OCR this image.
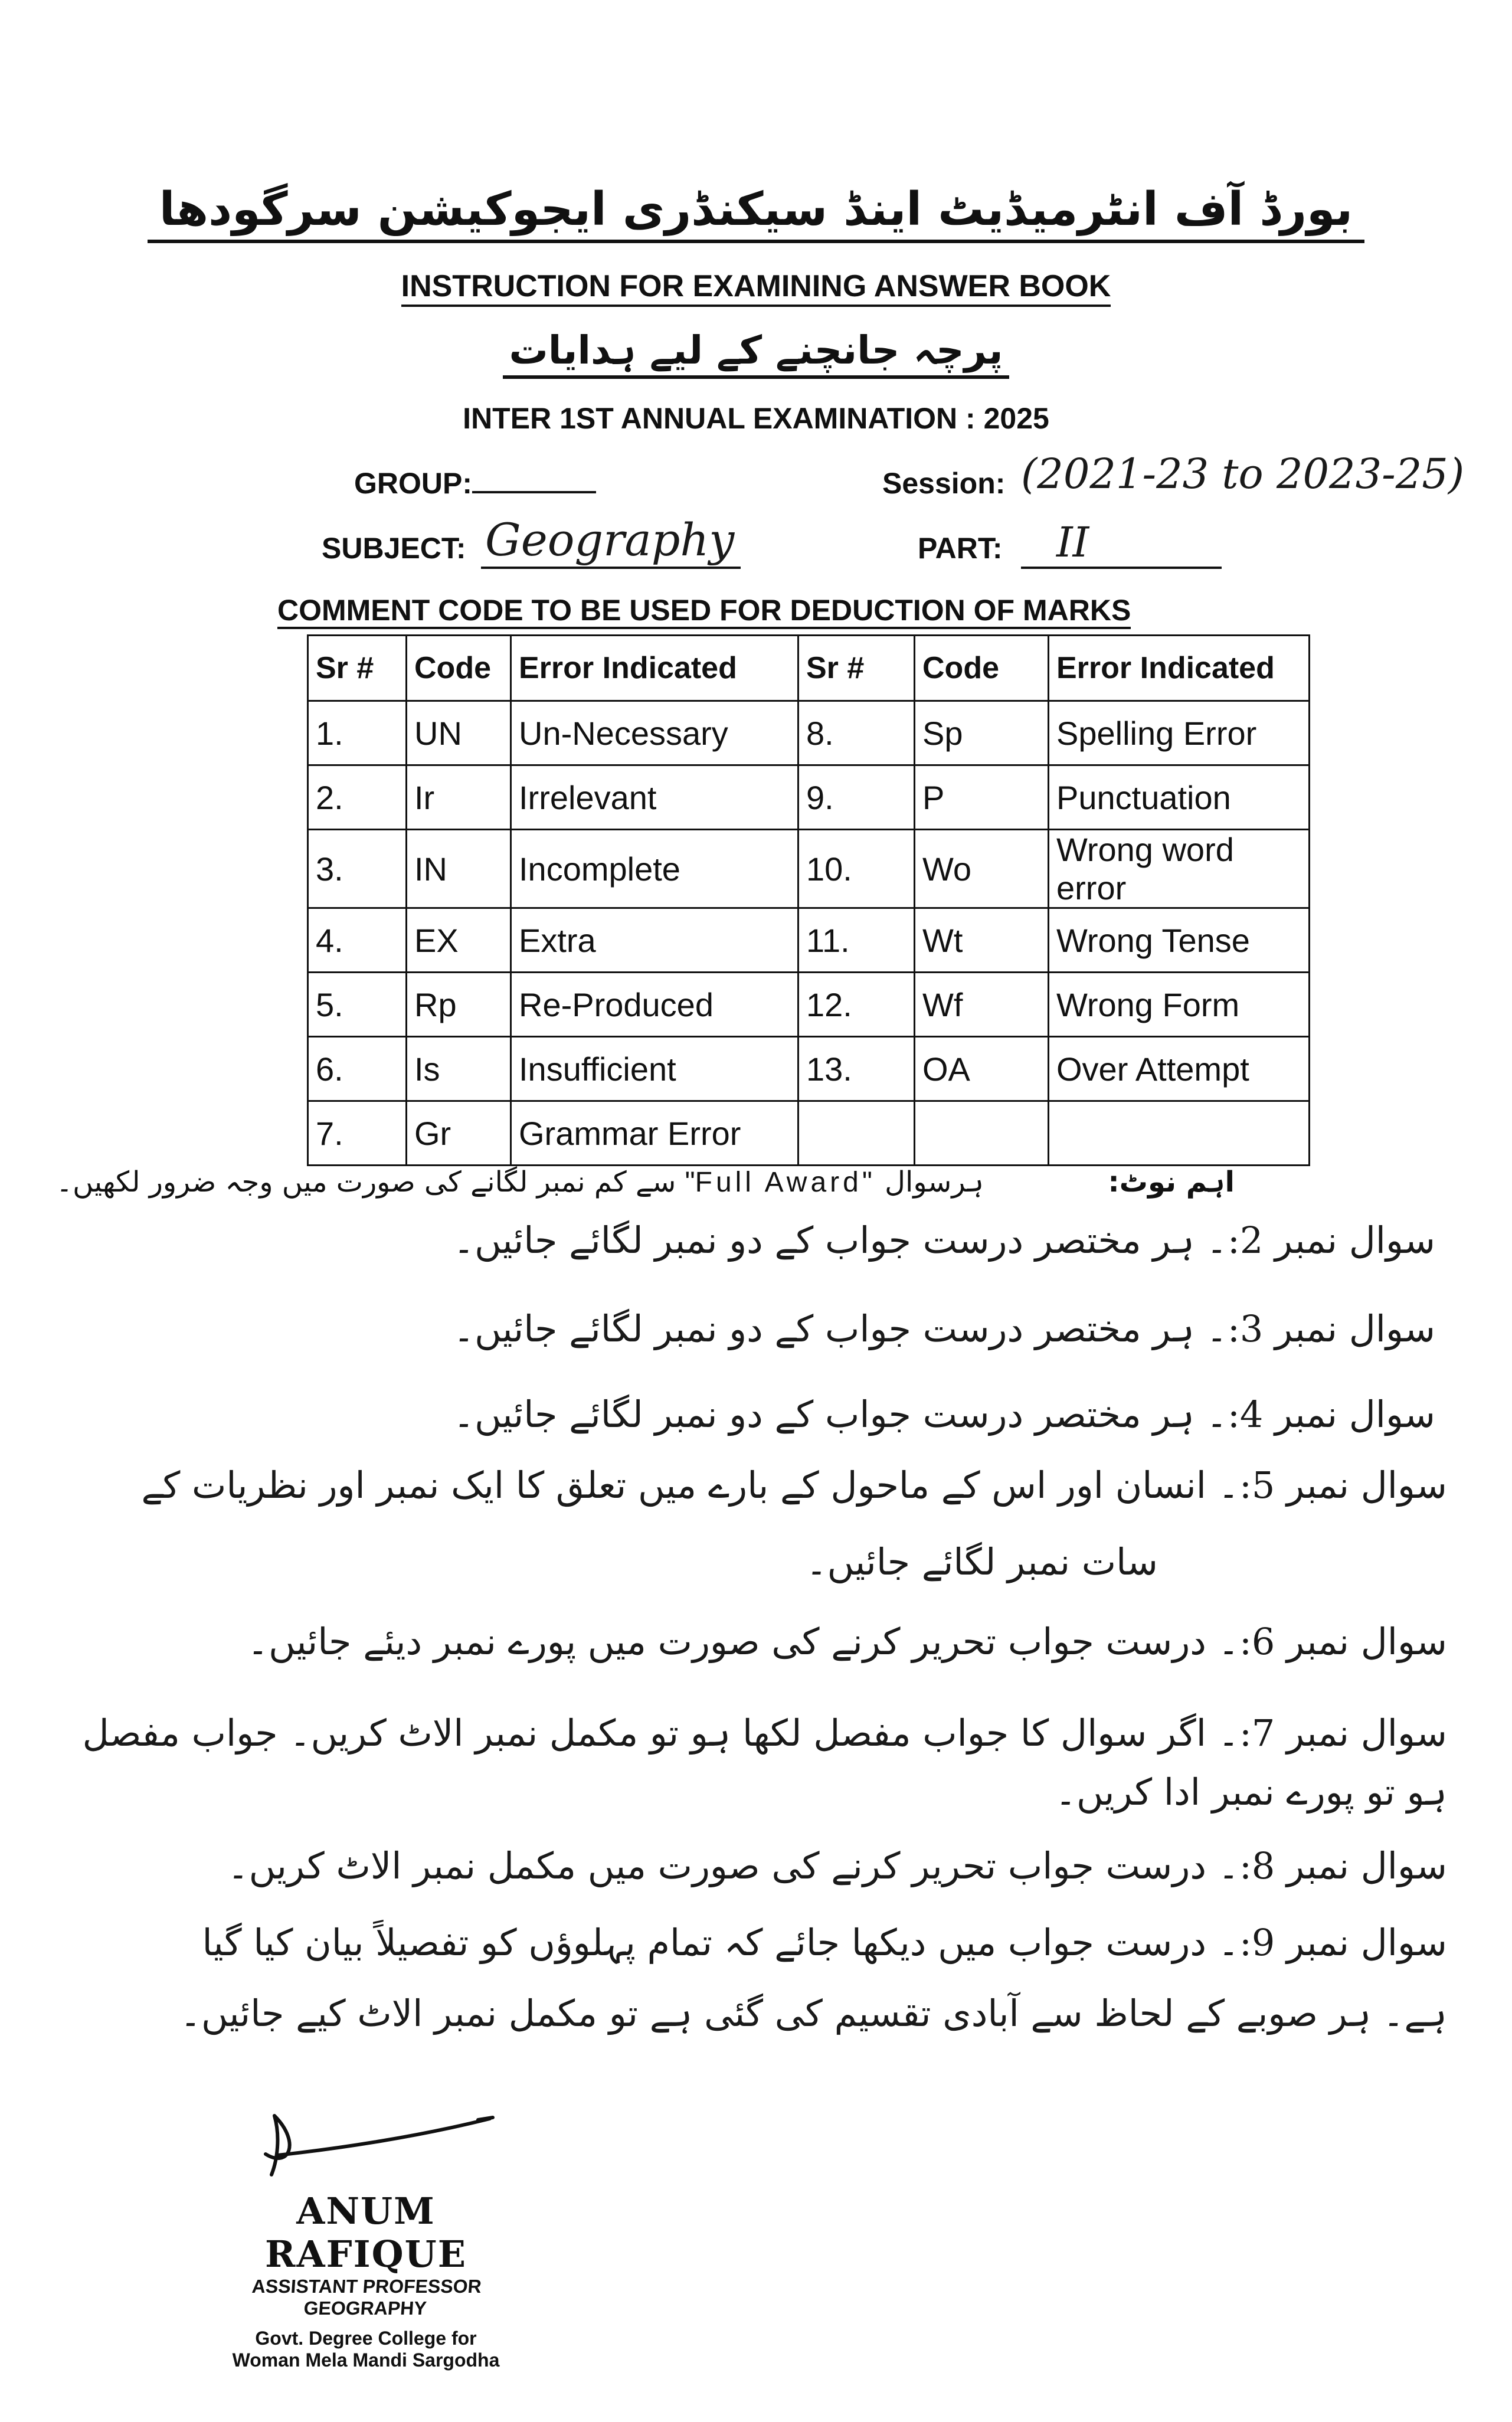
بورڈ آف انٹرمیڈیٹ اینڈ سیکنڈری ایجوکیشن سرگودھا
INSTRUCTION FOR EXAMINING ANSWER BOOK
پرچہ جانچنے کے لیے ہدایات
INTER 1ST ANNUAL EXAMINATION : 2025
GROUP:	Session: (2021-23 to 2023-25)
SUBJECT: Geography	PART: II
COMMENT CODE TO BE USED FOR DEDUCTION OF MARKS
Sr #	Code	Error Indicated	Sr #	Code	Error Indicated
1.	UN	Un-Necessary	8.	Sp	Spelling Error
2.	Ir	Irrelevant	9.	P	Punctuation
3.	IN	Incomplete	10.	Wo	Wrong word error
4.	EX	Extra	11.	Wt	Wrong Tense
5.	Rp	Re-Produced	12.	Wf	Wrong Form
6.	Is	Insufficient	13.	OA	Over Attempt
7.	Gr	Grammar Error			
اہم نوٹ:  ہرسوال "Full Award" سے کم نمبر لگانے کی صورت میں وجہ ضرور لکھیں۔
سوال نمبر 2:۔ ہر مختصر درست جواب کے دو نمبر لگائے جائیں۔
سوال نمبر 3:۔ ہر مختصر درست جواب کے دو نمبر لگائے جائیں۔
سوال نمبر 4:۔ ہر مختصر درست جواب کے دو نمبر لگائے جائیں۔
سوال نمبر 5:۔ انسان اور اس کے ماحول کے بارے میں تعلق کا ایک نمبر اور نظریات کے
سات نمبر لگائے جائیں۔
سوال نمبر 6:۔ درست جواب تحریر کرنے کی صورت میں پورے نمبر دیئے جائیں۔
سوال نمبر 7:۔ اگر سوال کا جواب مفصل لکھا ہو تو مکمل نمبر الاٹ کریں۔ جواب مفصل
ہو تو پورے نمبر ادا کریں۔
سوال نمبر 8:۔ درست جواب تحریر کرنے کی صورت میں مکمل نمبر الاٹ کریں۔
سوال نمبر 9:۔ درست جواب میں دیکھا جائے کہ تمام پہلوؤں کو تفصیلاً بیان کیا گیا
ہے۔ ہر صوبے کے لحاظ سے آبادی تقسیم کی گئی ہے تو مکمل نمبر الاٹ کیے جائیں۔
ANUM RAFIQUE
ASSISTANT PROFESSOR GEOGRAPHY
Govt. Degree College for
Woman Mela Mandi Sargodha
